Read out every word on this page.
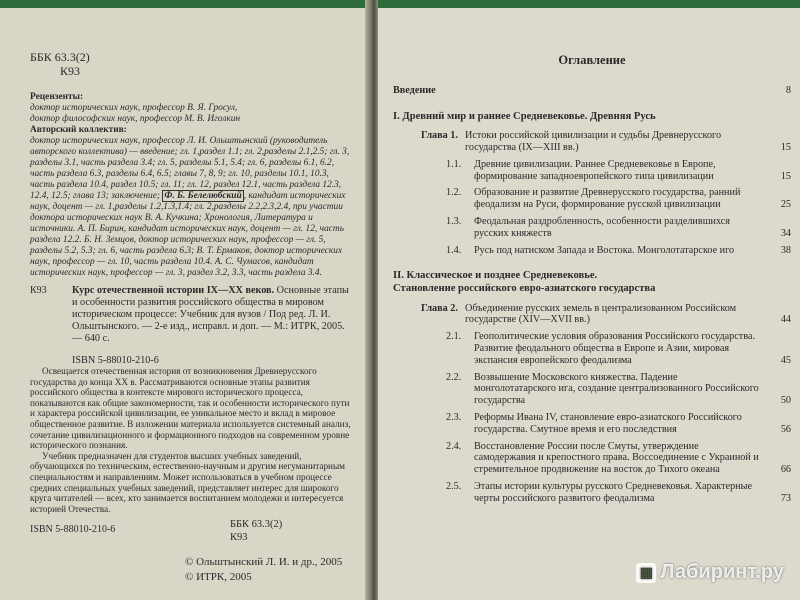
ББК 63.3(2)
К93

Рецензенты:

доктор исторических наук, профессор В. Я. Гросул,

доктор философских наук, профессор М. В. Иголкин

Авторский коллектив:

доктор исторических наук, профессор Л. И. Ольштынский (руководитель авторского коллектива) — введение; гл. 1,раздел 1.1; гл. 2,разделы 2.1,2.5; гл. 3, разделы 3.1, часть раздела 3.4; гл. 5, разделы 5.1, 5.4; гл. 6, разделы 6.1, 6.2, часть раздела 6.3, разделы 6.4, 6.5; главы 7, 8, 9; гл. 10, разделы 10.1, 10.3, часть раздела 10.4, раздел 10.5; гл. 11; гл. 12, раздел 12.1, часть раздела 12.3, 12.4, 12.5; глава 13; заключение; Ф. Б. Белелюбский , кандидат исторических наук, доцент — гл. 1,разделы 1.2,1.3,1.4; гл. 2,разделы 2.2,2.3,2.4, при участии доктора исторических наук В. А. Кучкина; Хронология, Литература и источники. А. П. Бирин, кандидат исторических наук, доцент — гл. 12, часть раздела 12.2. Б. Н. Земцов, доктор исторических наук, профессор — гл. 5, разделы 5.2, 5.3; гл. 6, часть раздела 6.3; В. Т. Ермаков, доктор исторических наук, профессор — гл. 10, часть раздела 10.4. А. С. Чумасов, кандидат исторических наук, профессор — гл. 3, раздел 3.2, 3.3, часть раздела 3.4.

К93	Курс отечественной истории IX—XX веков. Основные этапы и особенности развития российского общества в мировом историческом процессе: Учебник для вузов / Под ред. Л. И. Ольштынского. — 2-е изд., исправл. и доп. — М.: ИТРК, 2005. — 640 с.
ISBN 5-88010-210-6

Освещается отечественная история от возникновения Древнерусского государства до конца XX в. Рассматриваются основные этапы развития российского общества в контексте мирового исторического процесса, показываются как общие закономерности, так и особенности исторического пути и характера российской цивилизации, ее уникальное место и вклад в мировое общественное развитие. В изложении материала используется системный анализ, сочетание цивилизационного и формационного подходов на современном уровне исторического познания.

Учебник предназначен для студентов высших учебных заведений, обучающихся по техническим, естественно-научным и другим негуманитарным специальностям и направлениям. Может использоваться в учебном процессе средних специальных учебных заведений, представляет интерес для широкого круга читателей — всех, кто занимается воспитанием молодежи и интересуется историей Отечества.

ISBN 5-88010-210-6	ББК 63.3(2)
К93
© Ольштынский Л. И. и др., 2005
© ИТРК, 2005
Оглавление
Введение	8
I. Древний мир и раннее Средневековье. Древняя Русь
Глава 1. Истоки российской цивилизации и судьбы Древнерусского государства (IX—XIII вв.)	15
1.1.	Древние цивилизации. Раннее Средневековье в Европе, формирование западноевропейского типа цивилизации	15
1.2.	Образование и развитие Древнерусского государства, ранний феодализм на Руси, формирование русской цивилизации	25
1.3.	Феодальная раздробленность, особенности разделившихся русских княжеств	34
1.4.	Русь под натиском Запада и Востока. Монголотатарское иго	38
II. Классическое и позднее Средневековье.
Становление российского евро-азиатского государства
Глава 2. Объединение русских земель в централизованном Российском государстве (XIV—XVII вв.)	44
2.1.	Геополитические условия образования Российского государства. Развитие феодального общества в Европе и Азии, мировая экспансия европейского феодализма	45
2.2.	Возвышение Московского княжества. Падение монголотатарского ига, создание централизованного Российского государства	50
2.3.	Реформы Ивана IV, становление евро-азиатского Российского государства. Смутное время и его последствия	56
2.4.	Восстановление России после Смуты, утверждение самодержавия и крепостного права. Воссоединение с Украиной и стремительное продвижение на восток до Тихого океана	66
2.5.	Этапы истории культуры русского Средневековья. Характерные черты российского развитого феодализма	73
▦ Лабиринт.ру
